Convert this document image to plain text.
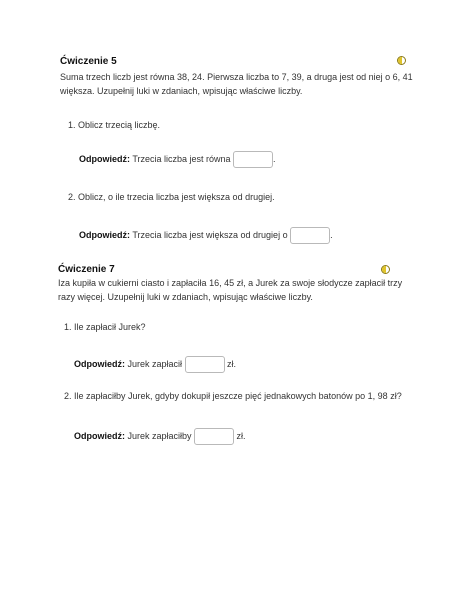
Ćwiczenie 5
Suma trzech liczb jest równa 38, 24. Pierwsza liczba to 7, 39, a druga jest od niej o 6, 41
większa. Uzupełnij luki w zdaniach, wpisując właściwe liczby.
1. Oblicz trzecią liczbę.
Odpowiedź: Trzecia liczba jest równa	.
2. Oblicz, o ile trzecia liczba jest większa od drugiej.
Odpowiedź: Trzecia liczba jest większa od drugiej o	.
Ćwiczenie 7
Iza kupiła w cukierni ciasto i zapłaciła 16, 45 zł, a Jurek za swoje słodycze zapłacił trzy
razy więcej. Uzupełnij luki w zdaniach, wpisując właściwe liczby.
1. Ile zapłacił Jurek?
Odpowiedź: Jurek zapłacił	zł.
2. Ile zapłaciłby Jurek, gdyby dokupił jeszcze pięć jednakowych batonów po 1, 98 zł?
Odpowiedź: Jurek zapłaciłby	zł.
